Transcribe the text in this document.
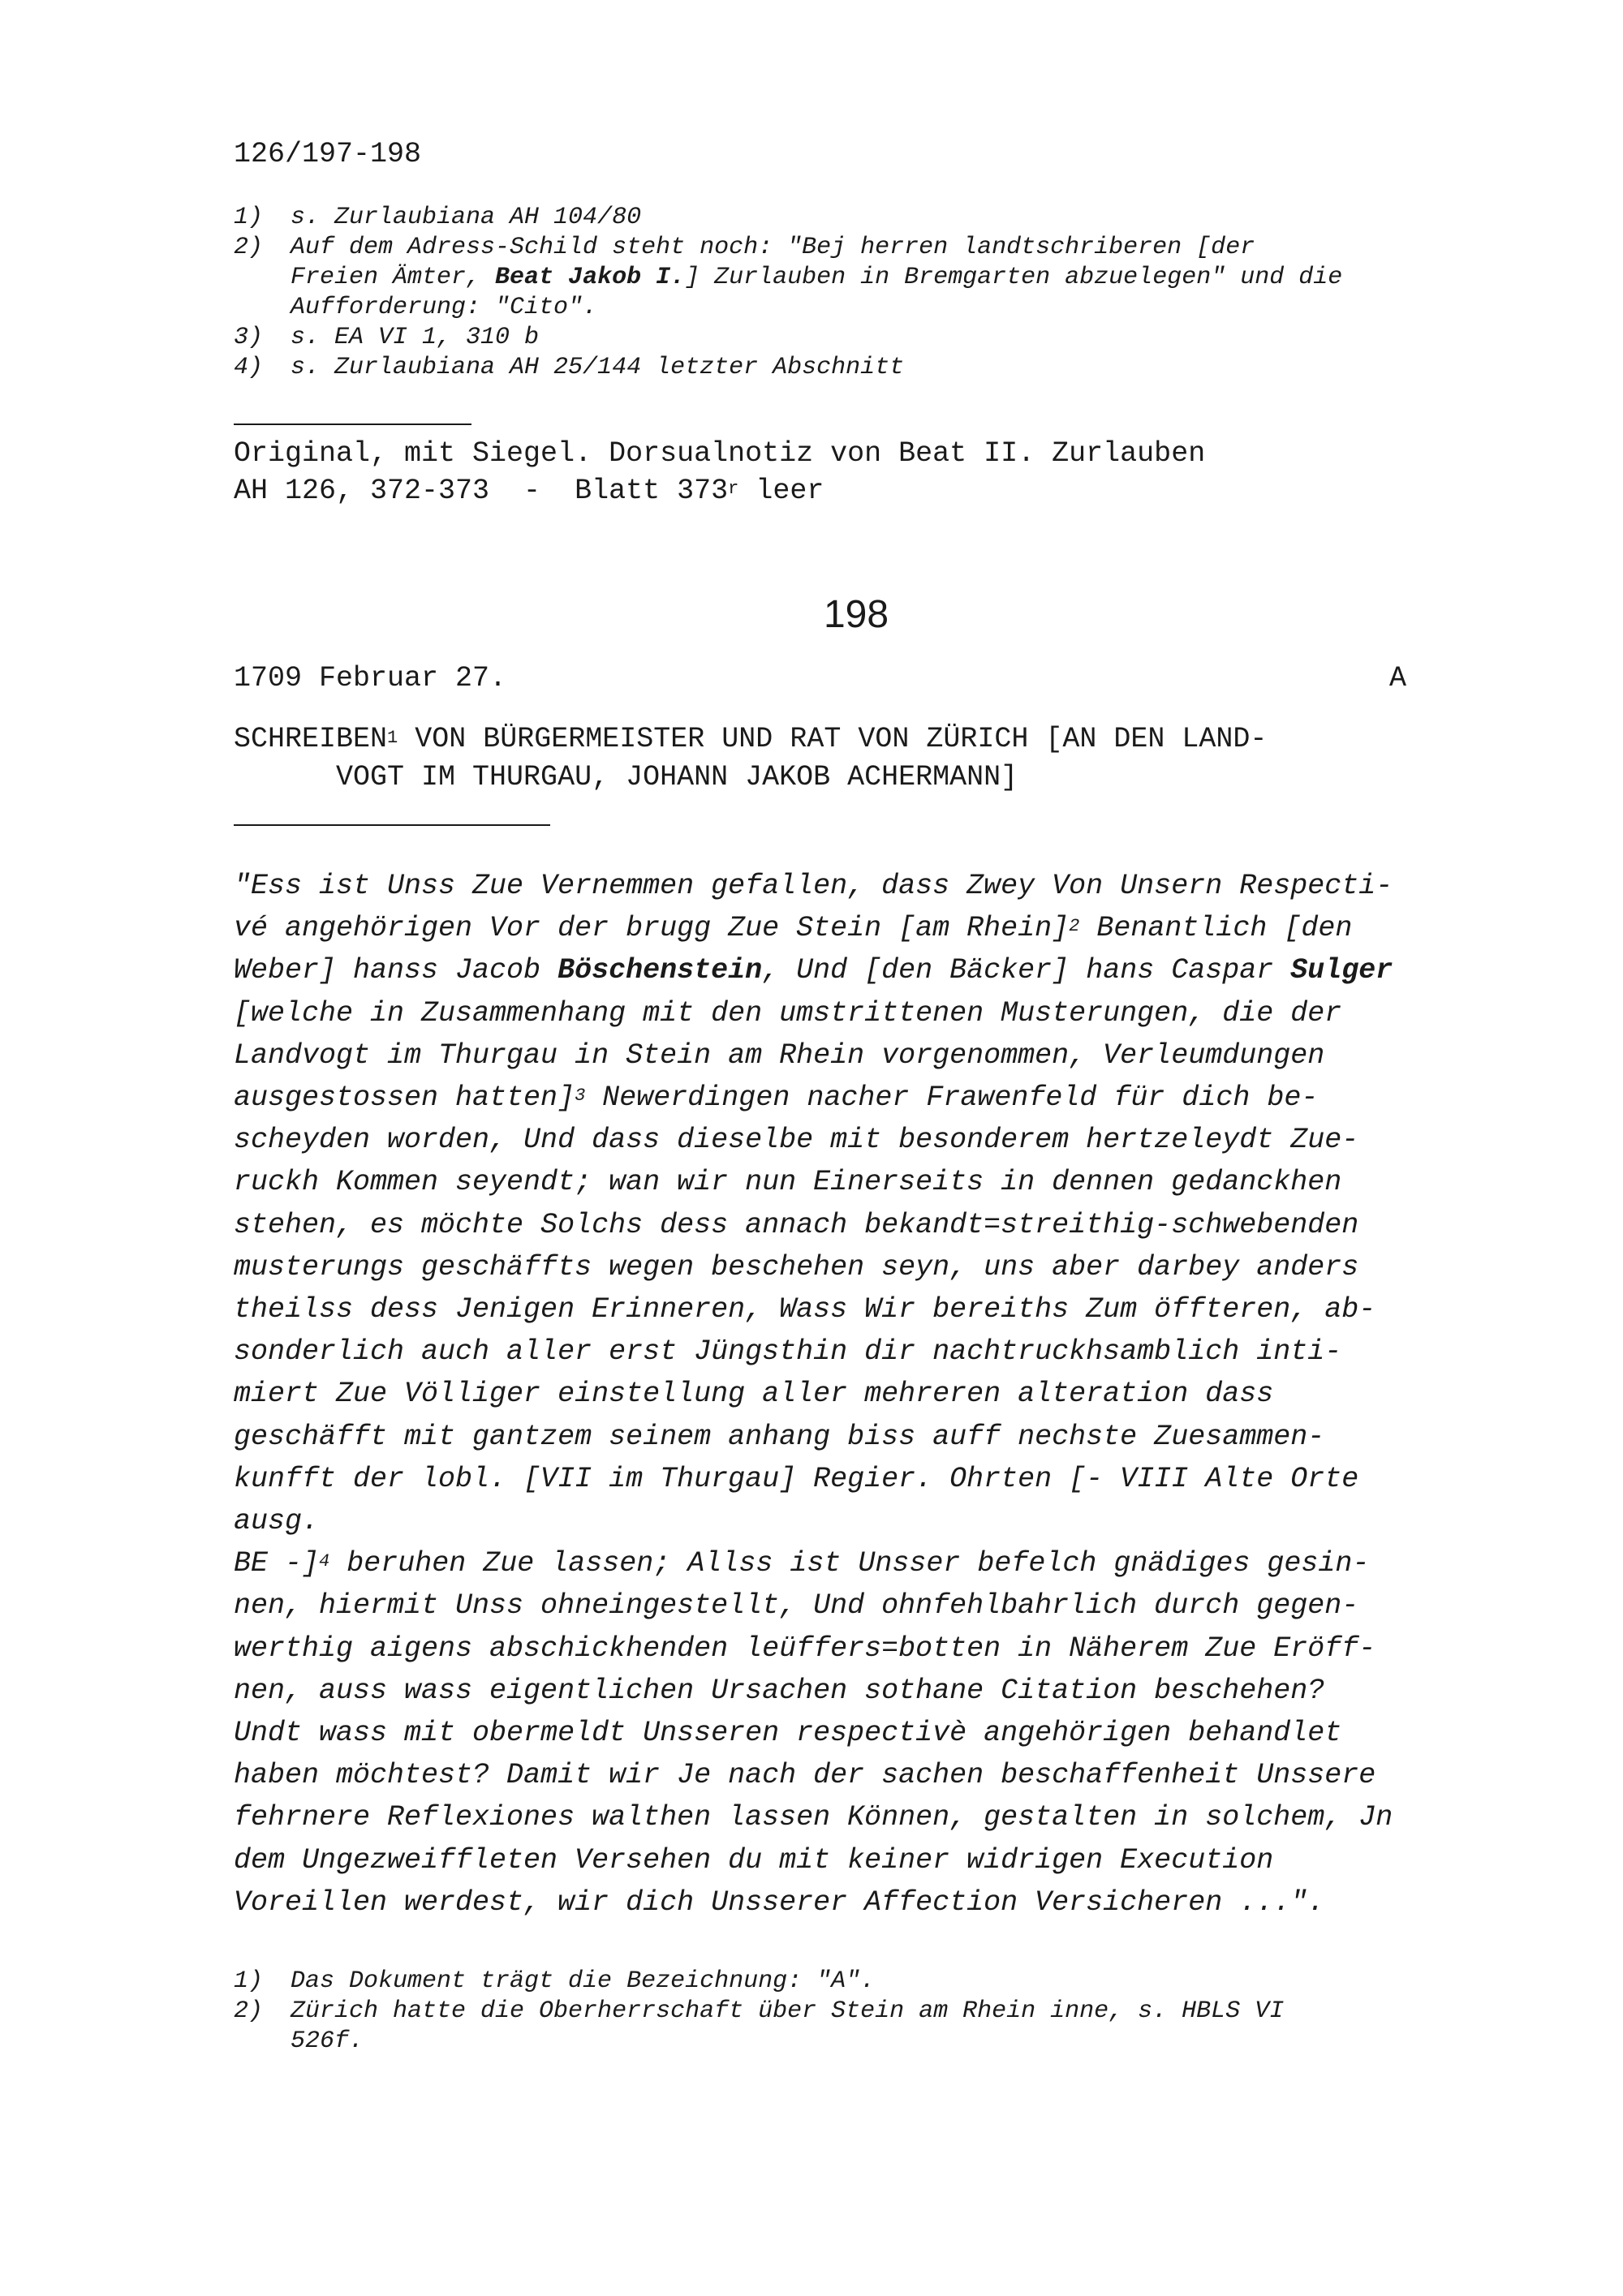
126/197-198
1)	s. Zurlaubiana AH 104/80
2)	Auf dem Adress-Schild steht noch: "Bej herren landtschriberen [der
Freien Ämter, Beat Jakob I.] Zurlauben in Bremgarten abzuelegen" und die
Aufforderung: "Cito".
3)	s. EA VI 1, 310 b
4)	s. Zurlaubiana AH 25/144 letzter Abschnitt
Original, mit Siegel. Dorsualnotiz von Beat II. Zurlauben
AH 126, 372-373  -  Blatt 373$^r$ leer
198
1709 Februar 27.	A
SCHREIBEN$^1$ VON BÜRGERMEISTER UND RAT VON ZÜRICH [AN DEN LAND-
VOGT IM THURGAU, JOHANN JAKOB ACHERMANN]
"Ess ist Unss Zue Vernemmen gefallen, dass Zwey Von Unsern Respecti-
vé angehörigen Vor der brugg Zue Stein [am Rhein]$^2$ Benantlich [den
Weber] hanss Jacob Böschenstein, Und [den Bäcker] hans Caspar Sulger
[welche in Zusammenhang mit den umstrittenen Musterungen, die der
Landvogt im Thurgau in Stein am Rhein vorgenommen, Verleumdungen
ausgestossen hatten]$^3$ Newerdingen nacher Frawenfeld für dich be-
scheyden worden, Und dass dieselbe mit besonderem hertzeleydt Zue-
ruckh Kommen seyendt; wan wir nun Einerseits in dennen gedanckhen
stehen, es möchte Solchs dess annach bekandt=streithig-schwebenden
musterungs geschäffts wegen beschehen seyn, uns aber darbey anders
theilss dess Jenigen Erinneren, Wass Wir bereiths Zum öffteren, ab-
sonderlich auch aller erst Jüngsthin dir nachtruckhsamblich inti-
miert Zue Völliger einstellung aller mehreren alteration dass
geschäfft mit gantzem seinem anhang biss auff nechste Zuesammen-
kunfft der lobl. [VII im Thurgau] Regier. Ohrten [- VIII Alte Orte
ausg.
BE -]$^4$ beruhen Zue lassen; Allss ist Unsser befelch gnädiges gesin-
nen, hiermit Unss ohneingestellt, Und ohnfehlbahrlich durch gegen-
werthig aigens abschickhenden leüffers=botten in Näherem Zue Eröff-
nen, auss wass eigentlichen Ursachen sothane Citation beschehen?
Undt wass mit obermeldt Unsseren respectivè angehörigen behandlet
haben möchtest? Damit wir Je nach der sachen beschaffenheit Unssere
fehrnere Reflexiones walthen lassen Können, gestalten in solchem, Jn
dem Ungezweiffleten Versehen du mit keiner widrigen Execution
Voreillen werdest, wir dich Unsserer Affection Versicheren ...".
1)	Das Dokument trägt die Bezeichnung: "A".
2)	Zürich hatte die Oberherrschaft über Stein am Rhein inne, s. HBLS VI
526f.
